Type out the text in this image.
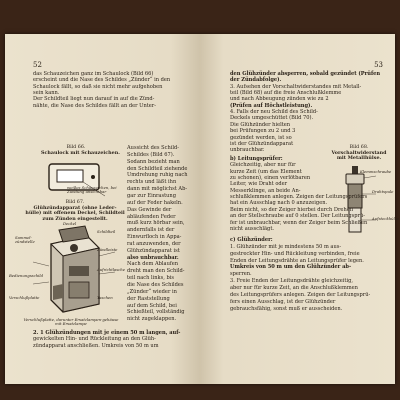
52
das Schauzeichen ganz im Schaulock (Bild 66)
erscheint und die Nase des Schildes „Zünder“ in den
Schaulock fällt, so daß sie nicht mehr aufgehoben
sein kann.
Der Schildteil liegt nun darauf in auf die Zünd-
nähte, die Nase des Schildes fällt an der Unter-
Bild 66.
Schaulock mit Schauzeichen.
weißes Schauzeichen, bei Zündung unsichtbar
Aussicht des Schild-
Schildes (Bild 67).
Sodann bezieht man
den Schildteil ziehende
Umdrehung ruhig nach
rechts und läßt ihn
dann mit möglichst Ab-
gar zur Einrastung
auf der Feder hakeln.
Das Gewinde der
abläufenden Feder
muß kurz hörbar sein,
andernfalls ist der
Einwurfloch in Appa-
rat anzuwenden, der
Glühzündapparat ist
also unbrauchbar.
Nach dem Ablaufen
dreht man den Schild-
teil nach links, bis
die Nase des Schildes
„Zünder“ wieder in
der Raststellung
auf dem Schild, bei
Schießteil, vollständig
nicht zugeklappen.
Bild 67.
Glühzündapparat (ohne Leder-
hülle) mit offenem Deckel, Schildteil
zum Zünden eingestellt.
Deckel
Schildteil
Sammel-
zündstelle
Zündleiste
Aufrichtlasche
Bedienungsschild
Verschlußplatte	Taschen
Verschlußplatte, darunter Ersatzlampen-gehäuse mit Ersatzlampe
2. 1 Glühzündungen mit je einem 50 m langen, auf-
gewickelten Hin- und Rückleitung an den Glüh-
zündapparat anschließen. Umkreis von 50 m um
53
den Glühzünder absperren, sobald gezündet (Prüfen
der Zündabfolge).
3. Aufsehen der Vorschaltwiderstandes mit Metall-
teil (Bild 68) auf die freie Anschlußklemme
und nach Abbeugung zünden wie zu 2
(Prüfen auf Höchstleistung).
4. Falls der neu Schild des Schild-
Deckels umgeschüttet (Bild 70).
Die Glühzünder hielten
bei Prüfungen zu 2 und 3
gezündet werden, ist so
ist der Glühzündapparat
unbrauchbar.	Bild 68.
Vorschaltwiderstand
mit Metallhülse.
Klemmschraube
Drahtspule
Aufsteckhülse
b) Leitungsprüfer:
Gleichzeitig, aber nur für
kurze Zeit (um das Element
zu schonen), einen verlötbaren
Leiter, wie Draht oder
Messerklinge, an beide An-
schlußklemmen anlegen. Zeigen der Leitungsprüfers
hat ein Ausschlag nach 0 anzuzeigen.
Beim nicht, so der Zeiger hierbei durch Drehen
an der Stellschraube auf 0 stellen. Der Leitungsprü-
fer ist unbrauchbar, wenn der Zeiger beim Schließen
nicht ausschlägt.
c) Glühzünder:
1. Glühzünder mit je mindestens 50 m aus-
gestreckter Hin- und Rückleitung verbinden, freie
Enden der Leitungsdrähte an Leitungsprüfer legen.
Umkreis von 50 m um den Glühzünder ab-
sperren.
3. Freie Enden der Leitungsdrähte gleichzeitig,
aber nur für kurze Zeit, an die Anschlußklemmen
des Leitungsprüfers anlegen. Zeigen der Leitungsprü-
fers einen Ausschlag, ist der Glühzünder
gebrauchsfähig, sonst muß er ausscheiden.
